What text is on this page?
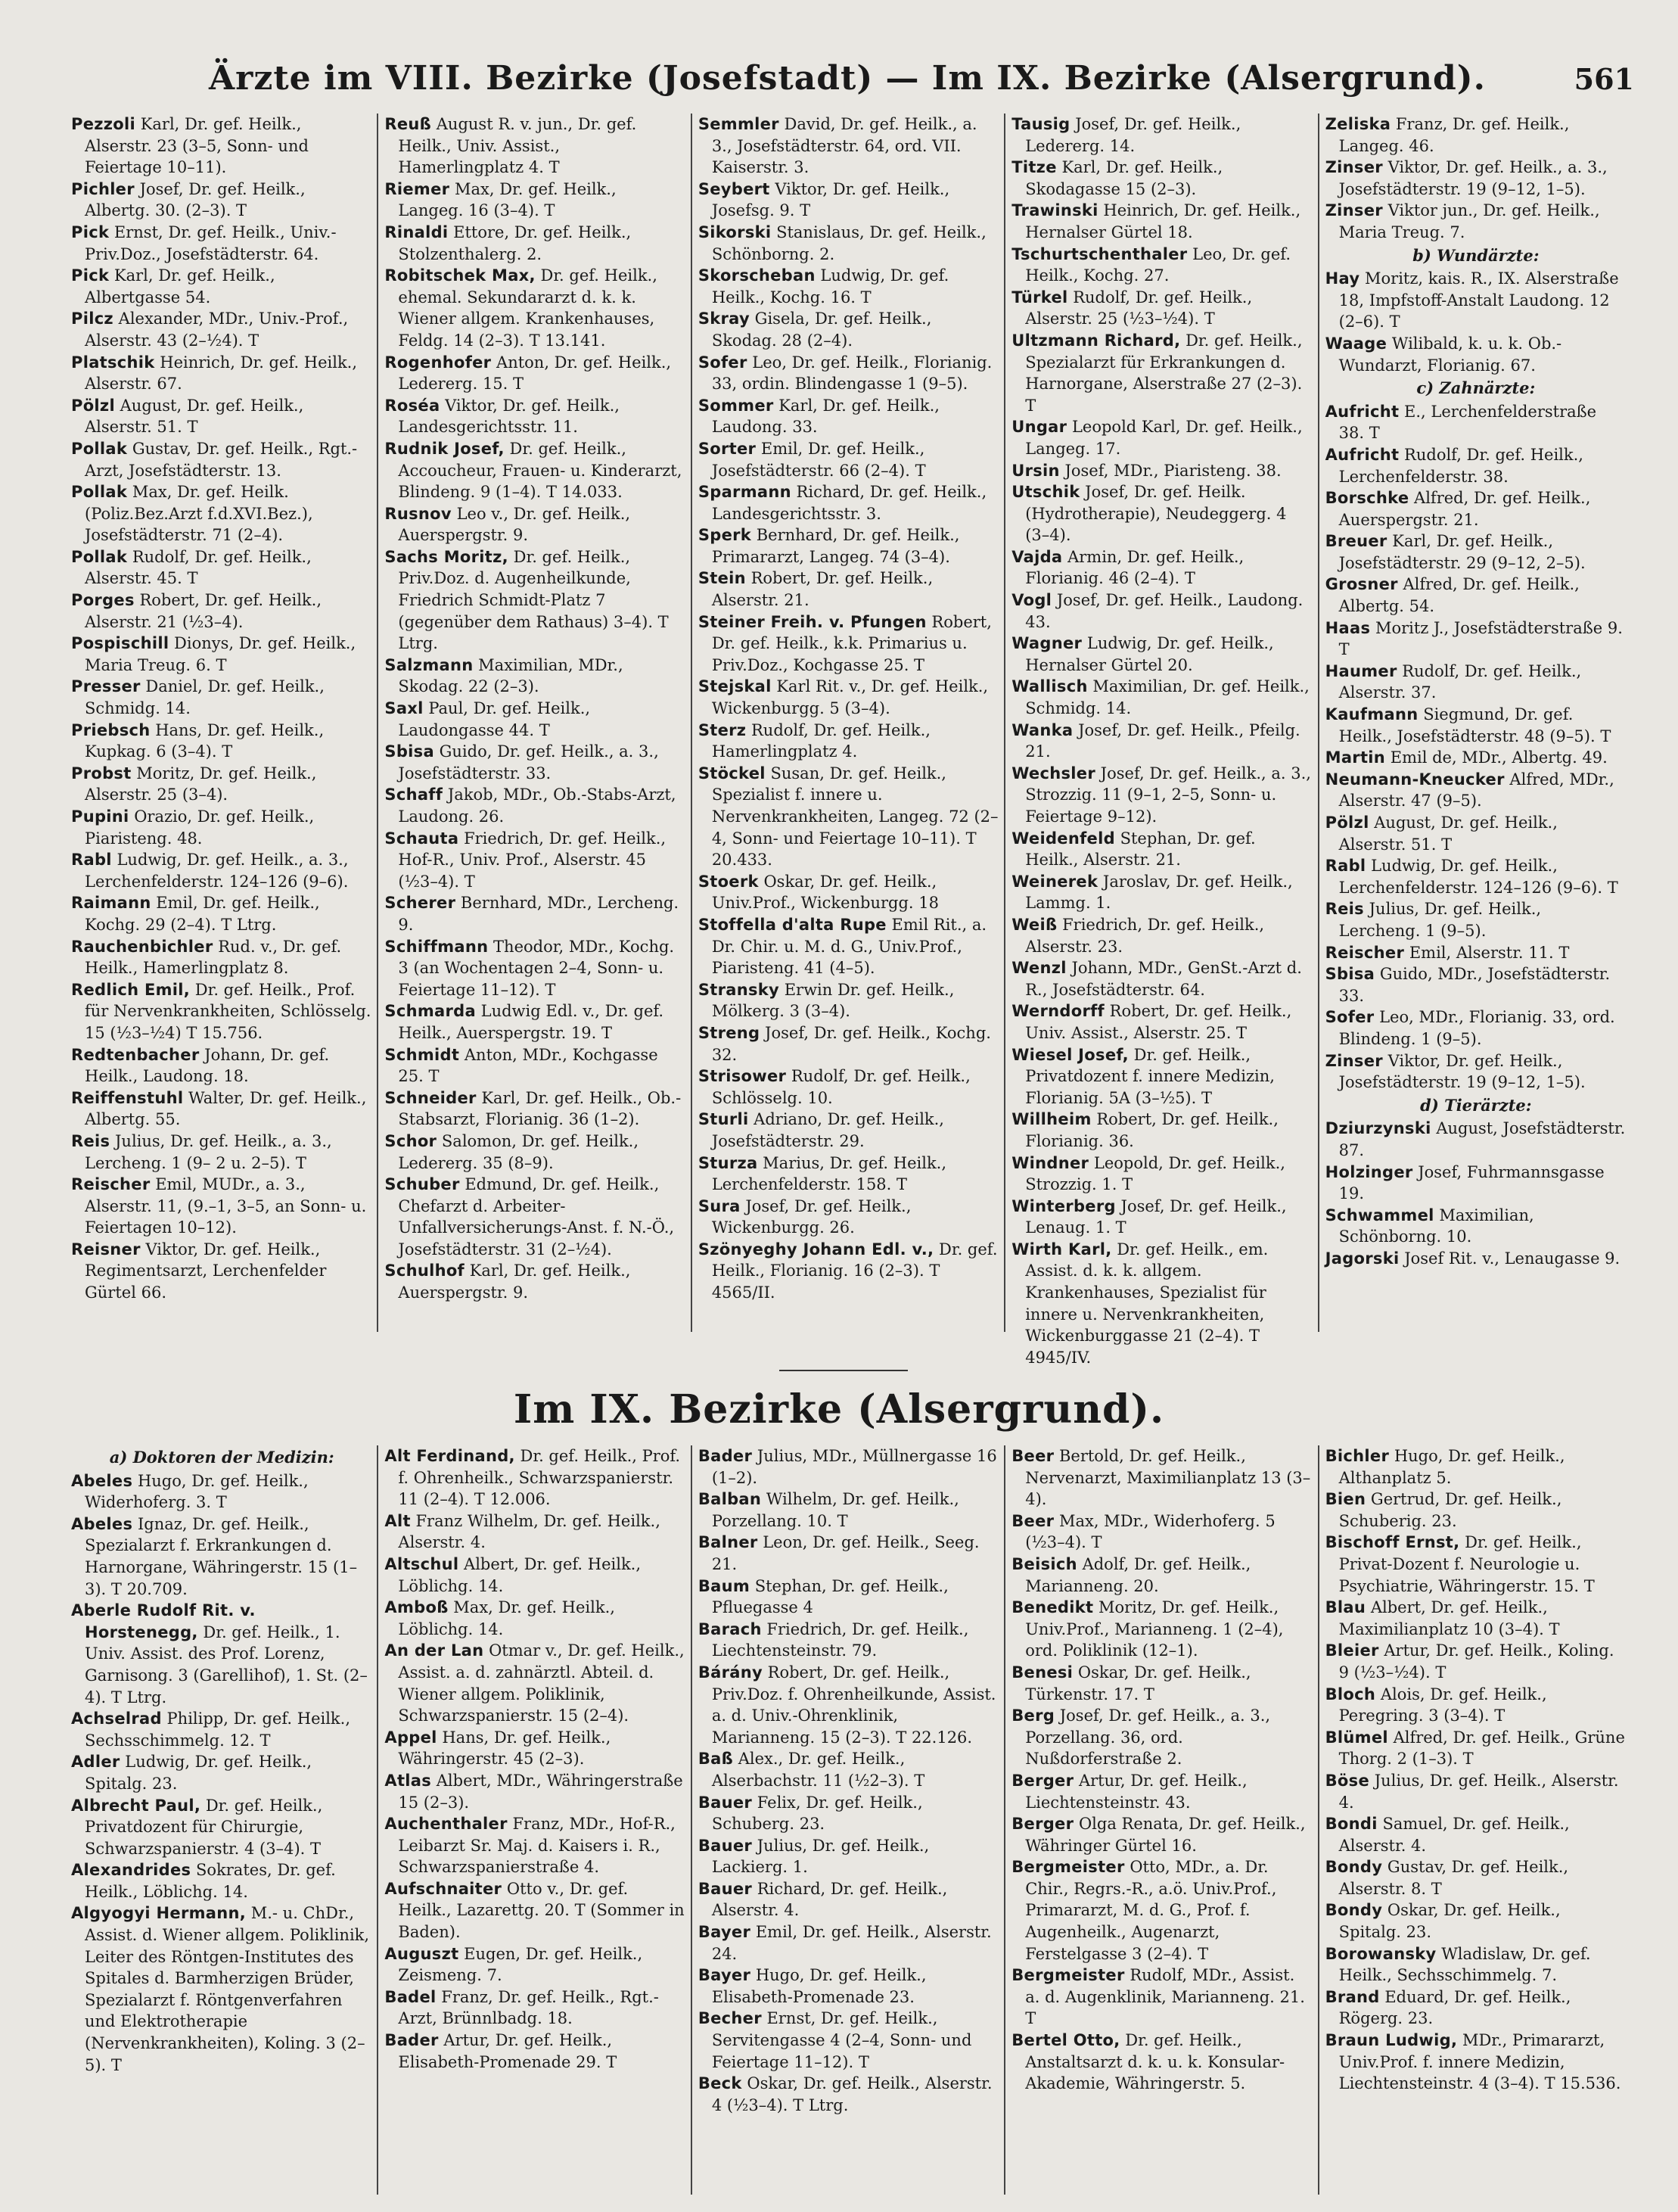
Ärzte im VIII. Bezirke (Josefstadt) — Im IX. Bezirke (Alsergrund).	561

Pezzoli Karl, Dr. gef. Heilk., Alserstr. 23 (3–5, Sonn- und Feiertage 10–11).

Pichler Josef, Dr. gef. Heilk., Albertg. 30. (2–3). T

Pick Ernst, Dr. gef. Heilk., Univ.-Priv.Doz., Josefstädterstr. 64.

Pick Karl, Dr. gef. Heilk., Albertgasse 54.

Pilcz Alexander, MDr., Univ.-Prof., Alserstr. 43 (2–½4). T

Platschik Heinrich, Dr. gef. Heilk., Alserstr. 67.

Pölzl August, Dr. gef. Heilk., Alserstr. 51. T

Pollak Gustav, Dr. gef. Heilk., Rgt.-Arzt, Josefstädterstr. 13.

Pollak Max, Dr. gef. Heilk. (Poliz.Bez.Arzt f.d.XVI.Bez.), Josefstädterstr. 71 (2–4).

Pollak Rudolf, Dr. gef. Heilk., Alserstr. 45. T

Porges Robert, Dr. gef. Heilk., Alserstr. 21 (½3–4).

Pospischill Dionys, Dr. gef. Heilk., Maria Treug. 6. T

Presser Daniel, Dr. gef. Heilk., Schmidg. 14.

Priebsch Hans, Dr. gef. Heilk., Kupkag. 6 (3–4). T

Probst Moritz, Dr. gef. Heilk., Alserstr. 25 (3–4).

Pupini Orazio, Dr. gef. Heilk., Piaristeng. 48.

Rabl Ludwig, Dr. gef. Heilk., a. 3., Lerchenfelderstr. 124–126 (9–6).

Raimann Emil, Dr. gef. Heilk., Kochg. 29 (2–4). T Ltrg.

Rauchenbichler Rud. v., Dr. gef. Heilk., Hamerlingplatz 8.

Redlich Emil, Dr. gef. Heilk., Prof. für Nervenkrankheiten, Schlösselg. 15 (½3–½4) T 15.756.

Redtenbacher Johann, Dr. gef. Heilk., Laudong. 18.

Reiffenstuhl Walter, Dr. gef. Heilk., Albertg. 55.

Reis Julius, Dr. gef. Heilk., a. 3., Lercheng. 1 (9– 2 u. 2–5). T

Reischer Emil, MUDr., a. 3., Alserstr. 11, (9.–1, 3–5, an Sonn- u. Feiertagen 10–12).

Reisner Viktor, Dr. gef. Heilk., Regimentsarzt, Lerchenfelder Gürtel 66.

Reuß August R. v. jun., Dr. gef. Heilk., Univ. Assist., Hamerlingplatz 4. T

Riemer Max, Dr. gef. Heilk., Langeg. 16 (3–4). T

Rinaldi Ettore, Dr. gef. Heilk., Stolzenthalerg. 2.

Robitschek Max, Dr. gef. Heilk., ehemal. Sekundararzt d. k. k. Wiener allgem. Krankenhauses, Feldg. 14 (2–3). T 13.141.

Rogenhofer Anton, Dr. gef. Heilk., Ledererg. 15. T

Roséa Viktor, Dr. gef. Heilk., Landesgerichtsstr. 11.

Rudnik Josef, Dr. gef. Heilk., Accoucheur, Frauen- u. Kinderarzt, Blindeng. 9 (1–4). T 14.033.

Rusnov Leo v., Dr. gef. Heilk., Auerspergstr. 9.

Sachs Moritz, Dr. gef. Heilk., Priv.Doz. d. Augenheilkunde, Friedrich Schmidt-Platz 7 (gegenüber dem Rathaus) 3–4). T Ltrg.

Salzmann Maximilian, MDr., Skodag. 22 (2–3).

Saxl Paul, Dr. gef. Heilk., Laudongasse 44. T

Sbisa Guido, Dr. gef. Heilk., a. 3., Josefstädterstr. 33.

Schaff Jakob, MDr., Ob.-Stabs-Arzt, Laudong. 26.

Schauta Friedrich, Dr. gef. Heilk., Hof-R., Univ. Prof., Alserstr. 45 (½3–4). T

Scherer Bernhard, MDr., Lercheng. 9.

Schiffmann Theodor, MDr., Kochg. 3 (an Wochentagen 2–4, Sonn- u. Feiertage 11–12). T

Schmarda Ludwig Edl. v., Dr. gef. Heilk., Auerspergstr. 19. T

Schmidt Anton, MDr., Kochgasse 25. T

Schneider Karl, Dr. gef. Heilk., Ob.-Stabsarzt, Florianig. 36 (1–2).

Schor Salomon, Dr. gef. Heilk., Ledererg. 35 (8–9).

Schuber Edmund, Dr. gef. Heilk., Chefarzt d. Arbeiter-Unfallversicherungs-Anst. f. N.-Ö., Josefstädterstr. 31 (2–½4).

Schulhof Karl, Dr. gef. Heilk., Auerspergstr. 9.

Semmler David, Dr. gef. Heilk., a. 3., Josefstädterstr. 64, ord. VII. Kaiserstr. 3.

Seybert Viktor, Dr. gef. Heilk., Josefsg. 9. T

Sikorski Stanislaus, Dr. gef. Heilk., Schönborng. 2.

Skorscheban Ludwig, Dr. gef. Heilk., Kochg. 16. T

Skray Gisela, Dr. gef. Heilk., Skodag. 28 (2–4).

Sofer Leo, Dr. gef. Heilk., Florianig. 33, ordin. Blindengasse 1 (9–5).

Sommer Karl, Dr. gef. Heilk., Laudong. 33.

Sorter Emil, Dr. gef. Heilk., Josefstädterstr. 66 (2–4). T

Sparmann Richard, Dr. gef. Heilk., Landesgerichtsstr. 3.

Sperk Bernhard, Dr. gef. Heilk., Primararzt, Langeg. 74 (3–4).

Stein Robert, Dr. gef. Heilk., Alserstr. 21.

Steiner Freih. v. Pfungen Robert, Dr. gef. Heilk., k.k. Primarius u. Priv.Doz., Kochgasse 25. T

Stejskal Karl Rit. v., Dr. gef. Heilk., Wickenburgg. 5 (3–4).

Sterz Rudolf, Dr. gef. Heilk., Hamerlingplatz 4.

Stöckel Susan, Dr. gef. Heilk., Spezialist f. innere u. Nervenkrankheiten, Langeg. 72 (2–4, Sonn- und Feiertage 10–11). T 20.433.

Stoerk Oskar, Dr. gef. Heilk., Univ.Prof., Wickenburgg. 18

Stoffella d'alta Rupe Emil Rit., a. Dr. Chir. u. M. d. G., Univ.Prof., Piaristeng. 41 (4–5).

Stransky Erwin Dr. gef. Heilk., Mölkerg. 3 (3–4).

Streng Josef, Dr. gef. Heilk., Kochg. 32.

Strisower Rudolf, Dr. gef. Heilk., Schlösselg. 10.

Sturli Adriano, Dr. gef. Heilk., Josefstädterstr. 29.

Sturza Marius, Dr. gef. Heilk., Lerchenfelderstr. 158. T

Sura Josef, Dr. gef. Heilk., Wickenburgg. 26.

Szönyeghy Johann Edl. v., Dr. gef. Heilk., Florianig. 16 (2–3). T 4565/II.

Tausig Josef, Dr. gef. Heilk., Ledererg. 14.

Titze Karl, Dr. gef. Heilk., Skodagasse 15 (2–3).

Trawinski Heinrich, Dr. gef. Heilk., Hernalser Gürtel 18.

Tschurtschenthaler Leo, Dr. gef. Heilk., Kochg. 27.

Türkel Rudolf, Dr. gef. Heilk., Alserstr. 25 (½3–½4). T

Ultzmann Richard, Dr. gef. Heilk., Spezialarzt für Erkrankungen d. Harnorgane, Alserstraße 27 (2–3). T

Ungar Leopold Karl, Dr. gef. Heilk., Langeg. 17.

Ursin Josef, MDr., Piaristeng. 38.

Utschik Josef, Dr. gef. Heilk. (Hydrotherapie), Neudeggerg. 4 (3–4).

Vajda Armin, Dr. gef. Heilk., Florianig. 46 (2–4). T

Vogl Josef, Dr. gef. Heilk., Laudong. 43.

Wagner Ludwig, Dr. gef. Heilk., Hernalser Gürtel 20.

Wallisch Maximilian, Dr. gef. Heilk., Schmidg. 14.

Wanka Josef, Dr. gef. Heilk., Pfeilg. 21.

Wechsler Josef, Dr. gef. Heilk., a. 3., Strozzig. 11 (9–1, 2–5, Sonn- u. Feiertage 9–12).

Weidenfeld Stephan, Dr. gef. Heilk., Alserstr. 21.

Weinerek Jaroslav, Dr. gef. Heilk., Lammg. 1.

Weiß Friedrich, Dr. gef. Heilk., Alserstr. 23.

Wenzl Johann, MDr., GenSt.-Arzt d. R., Josefstädterstr. 64.

Werndorff Robert, Dr. gef. Heilk., Univ. Assist., Alserstr. 25. T

Wiesel Josef, Dr. gef. Heilk., Privatdozent f. innere Medizin, Florianig. 5A (3–½5). T

Willheim Robert, Dr. gef. Heilk., Florianig. 36.

Windner Leopold, Dr. gef. Heilk., Strozzig. 1. T

Winterberg Josef, Dr. gef. Heilk., Lenaug. 1. T

Wirth Karl, Dr. gef. Heilk., em. Assist. d. k. k. allgem. Krankenhauses, Spezialist für innere u. Nervenkrankheiten, Wickenburggasse 21 (2–4). T 4945/IV.

Zeliska Franz, Dr. gef. Heilk., Langeg. 46.

Zinser Viktor, Dr. gef. Heilk., a. 3., Josefstädterstr. 19 (9–12, 1–5).

Zinser Viktor jun., Dr. gef. Heilk., Maria Treug. 7.

b) Wundärzte:

Hay Moritz, kais. R., IX. Alserstraße 18, Impfstoff-Anstalt Laudong. 12 (2–6). T

Waage Wilibald, k. u. k. Ob.-Wundarzt, Florianig. 67.

c) Zahnärzte:

Aufricht E., Lerchenfelderstraße 38. T

Aufricht Rudolf, Dr. gef. Heilk., Lerchenfelderstr. 38.

Borschke Alfred, Dr. gef. Heilk., Auerspergstr. 21.

Breuer Karl, Dr. gef. Heilk., Josefstädterstr. 29 (9–12, 2–5).

Grosner Alfred, Dr. gef. Heilk., Albertg. 54.

Haas Moritz J., Josefstädterstraße 9. T

Haumer Rudolf, Dr. gef. Heilk., Alserstr. 37.

Kaufmann Siegmund, Dr. gef. Heilk., Josefstädterstr. 48 (9–5). T

Martin Emil de, MDr., Albertg. 49.

Neumann-Kneucker Alfred, MDr., Alserstr. 47 (9–5).

Pölzl August, Dr. gef. Heilk., Alserstr. 51. T

Rabl Ludwig, Dr. gef. Heilk., Lerchenfelderstr. 124–126 (9–6). T

Reis Julius, Dr. gef. Heilk., Lercheng. 1 (9–5).

Reischer Emil, Alserstr. 11. T

Sbisa Guido, MDr., Josefstädterstr. 33.

Sofer Leo, MDr., Florianig. 33, ord. Blindeng. 1 (9–5).

Zinser Viktor, Dr. gef. Heilk., Josefstädterstr. 19 (9–12, 1–5).

d) Tierärzte:

Dziurzynski August, Josefstädterstr. 87.

Holzinger Josef, Fuhrmannsgasse 19.

Schwammel Maximilian, Schönborng. 10.

Jagorski Josef Rit. v., Lenaugasse 9.

Im IX. Bezirke (Alsergrund).
a) Doktoren der Medizin:

Abeles Hugo, Dr. gef. Heilk., Widerhoferg. 3. T

Abeles Ignaz, Dr. gef. Heilk., Spezialarzt f. Erkrankungen d. Harnorgane, Währingerstr. 15 (1–3). T 20.709.

Aberle Rudolf Rit. v. Horstenegg, Dr. gef. Heilk., 1. Univ. Assist. des Prof. Lorenz, Garnisong. 3 (Garellihof), 1. St. (2–4). T Ltrg.

Achselrad Philipp, Dr. gef. Heilk., Sechsschimmelg. 12. T

Adler Ludwig, Dr. gef. Heilk., Spitalg. 23.

Albrecht Paul, Dr. gef. Heilk., Privatdozent für Chirurgie, Schwarzspanierstr. 4 (3–4). T

Alexandrides Sokrates, Dr. gef. Heilk., Löblichg. 14.

Algyogyi Hermann, M.- u. ChDr., Assist. d. Wiener allgem. Poliklinik, Leiter des Röntgen-Institutes des Spitales d. Barmherzigen Brüder, Spezialarzt f. Röntgenverfahren und Elektrotherapie (Nervenkrankheiten), Koling. 3 (2–5). T

Alt Ferdinand, Dr. gef. Heilk., Prof. f. Ohrenheilk., Schwarzspanierstr. 11 (2–4). T 12.006.

Alt Franz Wilhelm, Dr. gef. Heilk., Alserstr. 4.

Altschul Albert, Dr. gef. Heilk., Löblichg. 14.

Amboß Max, Dr. gef. Heilk., Löblichg. 14.

An der Lan Otmar v., Dr. gef. Heilk., Assist. a. d. zahnärztl. Abteil. d. Wiener allgem. Poliklinik, Schwarzspanierstr. 15 (2–4).

Appel Hans, Dr. gef. Heilk., Währingerstr. 45 (2–3).

Atlas Albert, MDr., Währingerstraße 15 (2–3).

Auchenthaler Franz, MDr., Hof-R., Leibarzt Sr. Maj. d. Kaisers i. R., Schwarzspanierstraße 4.

Aufschnaiter Otto v., Dr. gef. Heilk., Lazarettg. 20. T (Sommer in Baden).

Auguszt Eugen, Dr. gef. Heilk., Zeismeng. 7.

Badel Franz, Dr. gef. Heilk., Rgt.-Arzt, Brünnlbadg. 18.

Bader Artur, Dr. gef. Heilk., Elisabeth-Promenade 29. T

Bader Julius, MDr., Müllnergasse 16 (1–2).

Balban Wilhelm, Dr. gef. Heilk., Porzellang. 10. T

Balner Leon, Dr. gef. Heilk., Seeg. 21.

Baum Stephan, Dr. gef. Heilk., Pfluegasse 4

Barach Friedrich, Dr. gef. Heilk., Liechtensteinstr. 79.

Bárány Robert, Dr. gef. Heilk., Priv.Doz. f. Ohrenheilkunde, Assist. a. d. Univ.-Ohrenklinik, Marianneng. 15 (2–3). T 22.126.

Baß Alex., Dr. gef. Heilk., Alserbachstr. 11 (½2–3). T

Bauer Felix, Dr. gef. Heilk., Schuberg. 23.

Bauer Julius, Dr. gef. Heilk., Lackierg. 1.

Bauer Richard, Dr. gef. Heilk., Alserstr. 4.

Bayer Emil, Dr. gef. Heilk., Alserstr. 24.

Bayer Hugo, Dr. gef. Heilk., Elisabeth-Promenade 23.

Becher Ernst, Dr. gef. Heilk., Servitengasse 4 (2–4, Sonn- und Feiertage 11–12). T

Beck Oskar, Dr. gef. Heilk., Alserstr. 4 (½3–4). T Ltrg.

Beer Bertold, Dr. gef. Heilk., Nervenarzt, Maximilianplatz 13 (3–4).

Beer Max, MDr., Widerhoferg. 5 (½3–4). T

Beisich Adolf, Dr. gef. Heilk., Marianneng. 20.

Benedikt Moritz, Dr. gef. Heilk., Univ.Prof., Marianneng. 1 (2–4), ord. Poliklinik (12–1).

Benesi Oskar, Dr. gef. Heilk., Türkenstr. 17. T

Berg Josef, Dr. gef. Heilk., a. 3., Porzellang. 36, ord. Nußdorferstraße 2.

Berger Artur, Dr. gef. Heilk., Liechtensteinstr. 43.

Berger Olga Renata, Dr. gef. Heilk., Währinger Gürtel 16.

Bergmeister Otto, MDr., a. Dr. Chir., Regrs.-R., a.ö. Univ.Prof., Primararzt, M. d. G., Prof. f. Augenheilk., Augenarzt, Ferstelgasse 3 (2–4). T

Bergmeister Rudolf, MDr., Assist. a. d. Augenklinik, Marianneng. 21. T

Bertel Otto, Dr. gef. Heilk., Anstaltsarzt d. k. u. k. Konsular-Akademie, Währingerstr. 5.

Bichler Hugo, Dr. gef. Heilk., Althanplatz 5.

Bien Gertrud, Dr. gef. Heilk., Schuberig. 23.

Bischoff Ernst, Dr. gef. Heilk., Privat-Dozent f. Neurologie u. Psychiatrie, Währingerstr. 15. T

Blau Albert, Dr. gef. Heilk., Maximilianplatz 10 (3–4). T

Bleier Artur, Dr. gef. Heilk., Koling. 9 (½3–½4). T

Bloch Alois, Dr. gef. Heilk., Peregring. 3 (3–4). T

Blümel Alfred, Dr. gef. Heilk., Grüne Thorg. 2 (1–3). T

Böse Julius, Dr. gef. Heilk., Alserstr. 4.

Bondi Samuel, Dr. gef. Heilk., Alserstr. 4.

Bondy Gustav, Dr. gef. Heilk., Alserstr. 8. T

Bondy Oskar, Dr. gef. Heilk., Spitalg. 23.

Borowansky Wladislaw, Dr. gef. Heilk., Sechsschimmelg. 7.

Brand Eduard, Dr. gef. Heilk., Rögerg. 23.

Braun Ludwig, MDr., Primararzt, Univ.Prof. f. innere Medizin, Liechtensteinstr. 4 (3–4). T 15.536.
